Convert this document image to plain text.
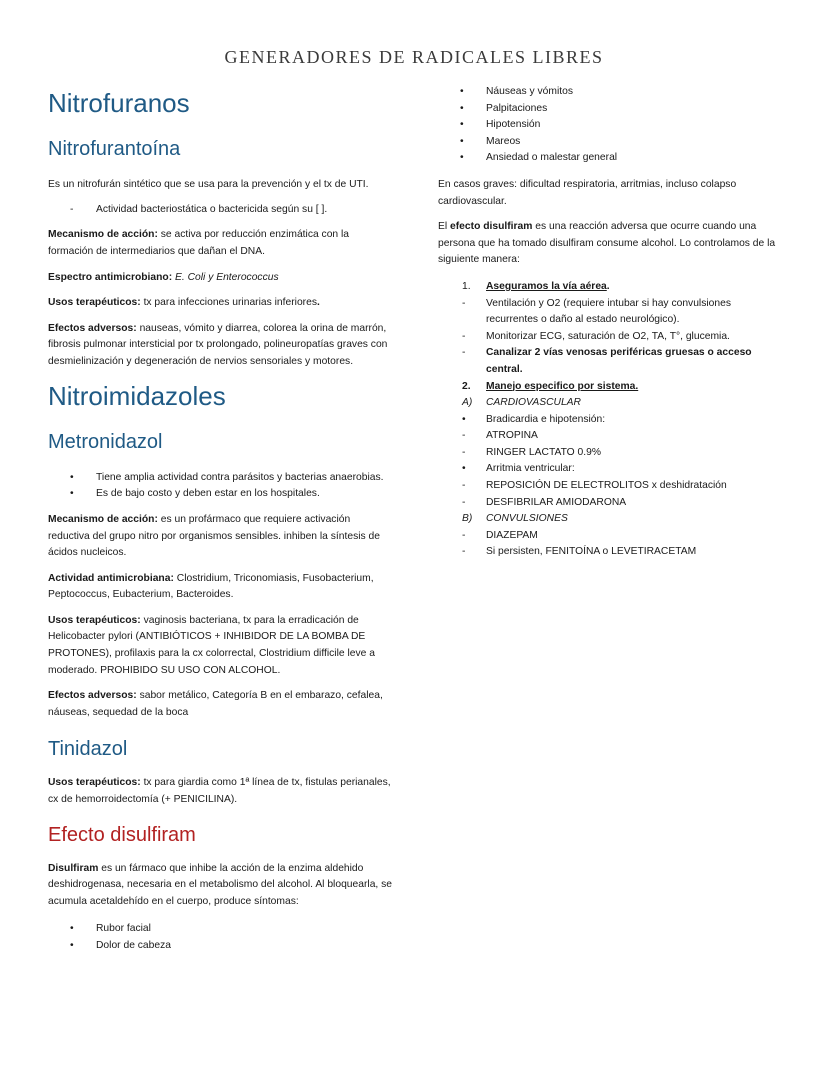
GENERADORES DE RADICALES LIBRES
Nitrofuranos
Nitrofurantoína

Es un nitrofurán sintético que se usa para la prevención y el tx de UTI.

-	Actividad bacteriostática o bactericida según su [ ].

Mecanismo de acción: se activa por reducción enzimática con la formación de intermediarios que dañan el DNA.

Espectro antimicrobiano: E. Coli y Enterococcus

Usos terapéuticos: tx para infecciones urinarias inferiores.

Efectos adversos: nauseas, vómito y diarrea, colorea la orina de marrón, fibrosis pulmonar intersticial por tx prolongado, polineuropatías graves con desmielinización y degeneración de nervios sensoriales y motores.

Nitroimidazoles
Metronidazol
•	Tiene amplia actividad contra parásitos y bacterias anaerobias.
•	Es de bajo costo y deben estar en los hospitales.

Mecanismo de acción: es un profármaco que requiere activación reductiva del grupo nitro por organismos sensibles. inhiben la síntesis de ácidos nucleicos.

Actividad antimicrobiana: Clostridium, Triconomiasis, Fusobacterium, Peptococcus, Eubacterium, Bacteroides.

Usos terapéuticos: vaginosis bacteriana, tx para la erradicación de Helicobacter pylori (ANTIBIÓTICOS + INHIBIDOR DE LA BOMBA DE PROTONES), profilaxis para la cx colorrectal, Clostridium difficile leve a moderado. PROHIBIDO SU USO CON ALCOHOL.

Efectos adversos: sabor metálico, Categoría B en el embarazo, cefalea, náuseas, sequedad de la boca

Tinidazol

Usos terapéuticos: tx para giardia como 1ª línea de tx, fistulas perianales, cx de hemorroidectomía (+ PENICILINA).

Efecto disulfiram

Disulfiram es un fármaco que inhibe la acción de la enzima aldehido deshidrogenasa, necesaria en el metabolismo del alcohol. Al bloquearla, se acumula acetaldehído en el cuerpo, produce síntomas:

•	Rubor facial
•	Dolor de cabeza
•	Náuseas y vómitos
•	Palpitaciones
•	Hipotensión
•	Mareos
•	Ansiedad o malestar general

En casos graves: dificultad respiratoria, arritmias, incluso colapso cardiovascular.

El efecto disulfiram es una reacción adversa que ocurre cuando una persona que ha tomado disulfiram consume alcohol. Lo controlamos de la siguiente manera:

1.	Aseguramos la vía aérea.
-	Ventilación y O2 (requiere intubar si hay convulsiones recurrentes o daño al estado neurológico).
-	Monitorizar ECG, saturación de O2, TA, T°, glucemia.
-	Canalizar 2 vías venosas periféricas gruesas o acceso central.
2.	Manejo especifico por sistema.
A)	CARDIOVASCULAR
•	Bradicardia e hipotensión:
-	ATROPINA
-	RINGER LACTATO 0.9%
•	Arritmia ventricular:
-	REPOSICIÓN DE ELECTROLITOS x deshidratación
-	DESFIBRILAR AMIODARONA
B)	CONVULSIONES
-	DIAZEPAM
-	Si persisten, FENITOÍNA o LEVETIRACETAM
